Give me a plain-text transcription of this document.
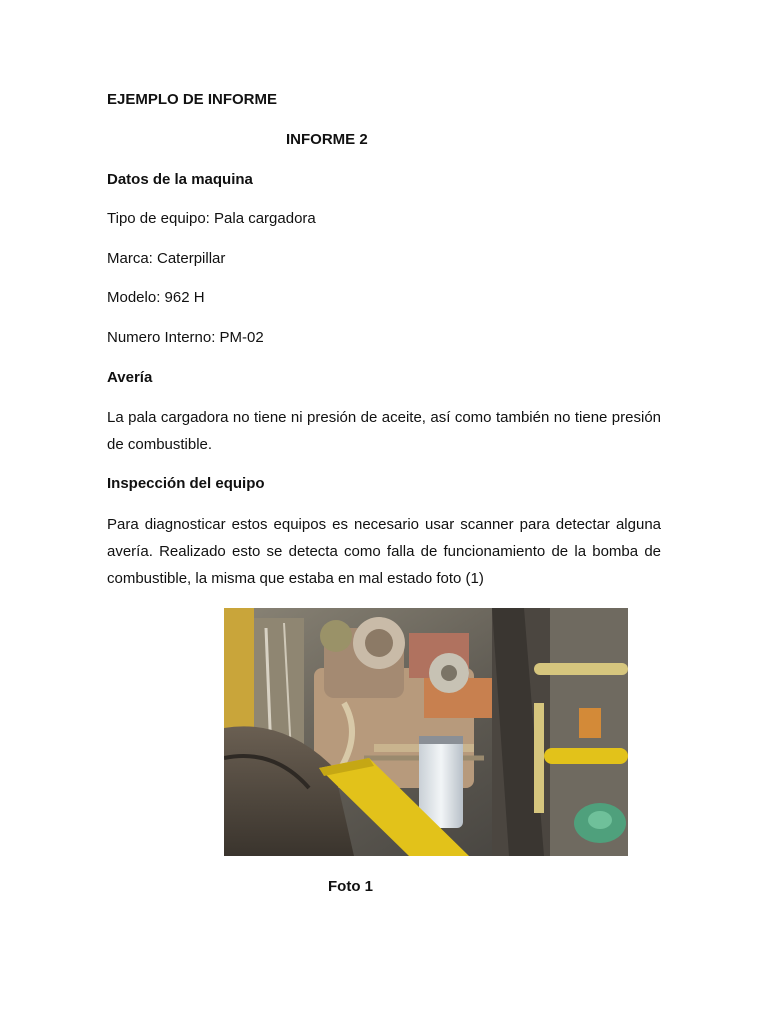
EJEMPLO DE INFORME
INFORME 2
Datos de la maquina
Tipo de equipo: Pala cargadora
Marca: Caterpillar
Modelo: 962 H
Numero Interno: PM-02
Avería
La pala cargadora no tiene ni presión de aceite, así como también no tiene presión de combustible.
Inspección del equipo
Para diagnosticar estos equipos es necesario usar scanner para detectar alguna avería. Realizado esto se detecta como falla de funcionamiento de la bomba de combustible, la misma que estaba en mal estado foto (1)
Foto 1
